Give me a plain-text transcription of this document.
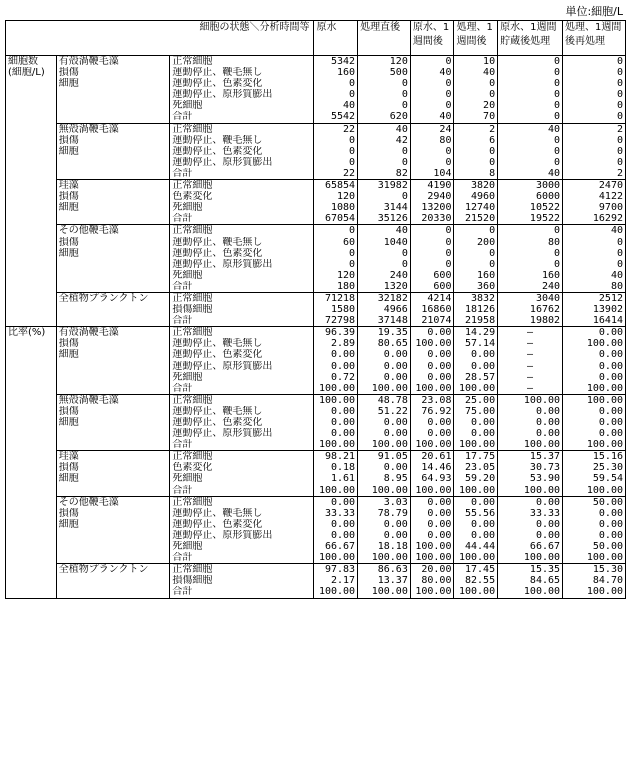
単位:細胞/L
		細胞の状態＼分析時間等	原水	処理直後	原水、1週間後	処理、1週間後	原水、1週間貯蔵後処理	処理、1週間後再処理
細胞数	有殻渦鞭毛藻	正常細胞	5342	120	0	10	0	0
(細胞/L)	損傷	運動停止、鞭毛無し	160	500	40	40	0	0
	細胞	運動停止、色素変化	0	0	0	0	0	0
		運動停止、原形質膨出	0	0	0	0	0	0
		死細胞	40	0	0	20	0	0
		合計	5542	620	40	70	0	0
	無殻渦鞭毛藻	正常細胞	22	40	24	2	40	2
	損傷	運動停止、鞭毛無し	0	42	80	6	0	0
	細胞	運動停止、色素変化	0	0	0	0	0	0
		運動停止、原形質膨出	0	0	0	0	0	0
		合計	22	82	104	8	40	2
	珪藻	正常細胞	65854	31982	4190	3820	3000	2470
	損傷	色素変化	120	0	2940	4960	6000	4122
	細胞	死細胞	1080	3144	13200	12740	10522	9700
		合計	67054	35126	20330	21520	19522	16292
	その他鞭毛藻	正常細胞	0	40	0	0	0	40
	損傷	運動停止、鞭毛無し	60	1040	0	200	80	0
	細胞	運動停止、色素変化	0	0	0	0	0	0
		運動停止、原形質膨出	0	0	0	0	0	0
		死細胞	120	240	600	160	160	40
		合計	180	1320	600	360	240	80
	全植物プランクトン	正常細胞	71218	32182	4214	3832	3040	2512
		損傷細胞	1580	4966	16860	18126	16762	13902
		合計	72798	37148	21074	21958	19802	16414
比率(%)	有殻渦鞭毛藻	正常細胞	96.39	19.35	0.00	14.29	—	0.00
	損傷	運動停止、鞭毛無し	2.89	80.65	100.00	57.14	—	100.00
	細胞	運動停止、色素変化	0.00	0.00	0.00	0.00	—	0.00
		運動停止、原形質膨出	0.00	0.00	0.00	0.00	—	0.00
		死細胞	0.72	0.00	0.00	28.57	—	0.00
		合計	100.00	100.00	100.00	100.00	—	100.00
	無殻渦鞭毛藻	正常細胞	100.00	48.78	23.08	25.00	100.00	100.00
	損傷	運動停止、鞭毛無し	0.00	51.22	76.92	75.00	0.00	0.00
	細胞	運動停止、色素変化	0.00	0.00	0.00	0.00	0.00	0.00
		運動停止、原形質膨出	0.00	0.00	0.00	0.00	0.00	0.00
		合計	100.00	100.00	100.00	100.00	100.00	100.00
	珪藻	正常細胞	98.21	91.05	20.61	17.75	15.37	15.16
	損傷	色素変化	0.18	0.00	14.46	23.05	30.73	25.30
	細胞	死細胞	1.61	8.95	64.93	59.20	53.90	59.54
		合計	100.00	100.00	100.00	100.00	100.00	100.00
	その他鞭毛藻	正常細胞	0.00	3.03	0.00	0.00	0.00	50.00
	損傷	運動停止、鞭毛無し	33.33	78.79	0.00	55.56	33.33	0.00
	細胞	運動停止、色素変化	0.00	0.00	0.00	0.00	0.00	0.00
		運動停止、原形質膨出	0.00	0.00	0.00	0.00	0.00	0.00
		死細胞	66.67	18.18	100.00	44.44	66.67	50.00
		合計	100.00	100.00	100.00	100.00	100.00	100.00
	全植物プランクトン	正常細胞	97.83	86.63	20.00	17.45	15.35	15.30
		損傷細胞	2.17	13.37	80.00	82.55	84.65	84.70
		合計	100.00	100.00	100.00	100.00	100.00	100.00
